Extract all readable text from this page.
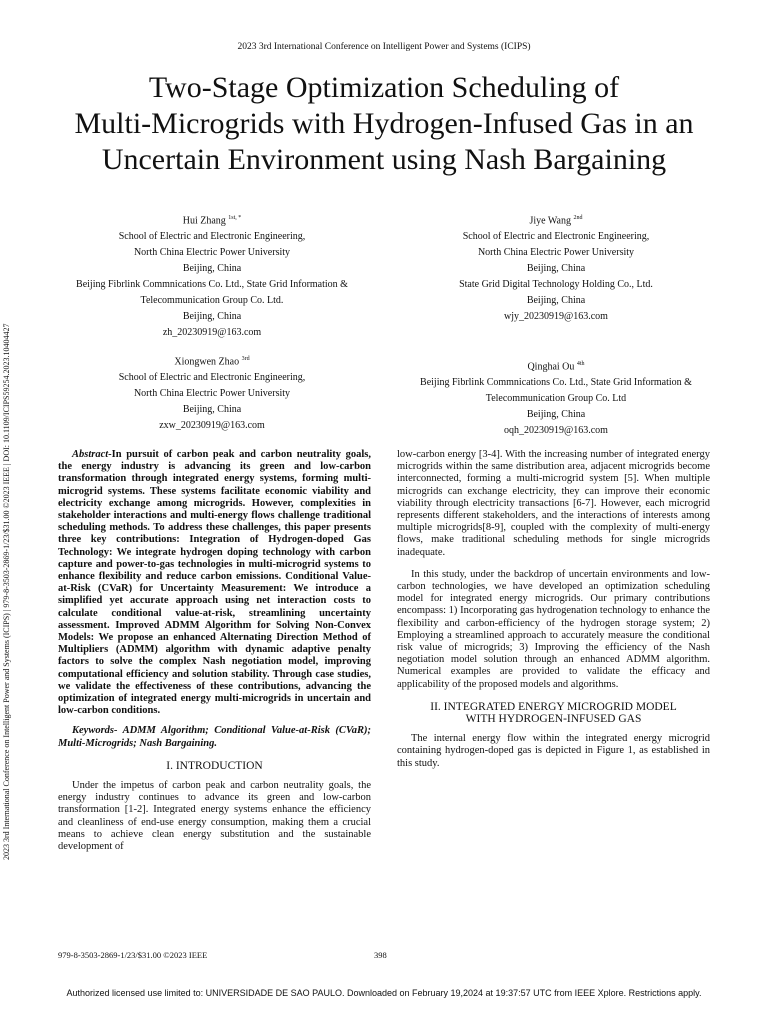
2023 3rd International Conference on Intelligent Power and Systems (ICIPS)
Two-Stage Optimization Scheduling of
Multi-Microgrids with Hydrogen-Infused Gas in an
Uncertain Environment using Nash Bargaining
2023 3rd International Conference on Intelligent Power and Systems (ICIPS) | 979-8-3503-2869-1/23/$31.00 ©2023 IEEE | DOI: 10.1109/ICIPS59254.2023.10404427
Hui Zhang $^{1st, *}$
School of Electric and Electronic Engineering,
North China Electric Power University
Beijing, China
Beijing Fibrlink Commnications Co. Ltd., State Grid Information &
Telecommunication Group Co. Ltd.
Beijing, China
zh_20230919@163.com
Jiye Wang $^{2nd}$
School of Electric and Electronic Engineering,
North China Electric Power University
Beijing, China
State Grid Digital Technology Holding Co., Ltd.
Beijing, China
wjy_20230919@163.com
Xiongwen Zhao $^{3rd}$
School of Electric and Electronic Engineering,
North China Electric Power University
Beijing, China
zxw_20230919@163.com
Qinghai Ou $^{4th}$
Beijing Fibrlink Commnications Co. Ltd., State Grid Information &
Telecommunication Group Co. Ltd
Beijing, China
oqh_20230919@163.com

Abstract-In pursuit of carbon peak and carbon neutrality goals, the energy industry is advancing its green and low-carbon transformation through integrated energy systems, forming multi-microgrid systems. These systems facilitate economic viability and electricity exchange among microgrids. However, complexities in stakeholder interactions and multi-energy flows challenge traditional scheduling methods. To address these challenges, this paper presents three key contributions: Integration of Hydrogen-doped Gas Technology: We integrate hydrogen doping technology with carbon capture and power-to-gas technologies in multi-microgrid systems to enhance flexibility and reduce carbon emissions. Conditional Value-at-Risk (CVaR) for Uncertainty Measurement: We introduce a simplified yet accurate approach using net interaction costs to calculate conditional value-at-risk, streamlining uncertainty assessment. Improved ADMM Algorithm for Solving Non-Convex Models: We propose an enhanced Alternating Direction Method of Multipliers (ADMM) algorithm with dynamic adaptive penalty factors to solve the complex Nash negotiation model, improving computational efficiency and solution stability. Through case studies, we validate the effectiveness of these contributions, advancing the optimization of integrated energy multi-microgrids in uncertain and low-carbon conditions.

Keywords- ADMM Algorithm; Conditional Value-at-Risk (CVaR); Multi-Microgrids; Nash Bargaining.

I. INTRODUCTION

Under the impetus of carbon peak and carbon neutrality goals, the energy industry continues to advance its green and low-carbon transformation [1-2]. Integrated energy systems enhance the efficiency and cleanliness of end-use energy consumption, making them a crucial means to achieve clean energy substitution and the sustainable development of

low-carbon energy [3-4]. With the increasing number of integrated energy microgrids within the same distribution area, adjacent microgrids become interconnected, forming a multi-microgrid system [5]. When multiple microgrids can exchange electricity, they can improve their economic viability through electricity transactions [6-7]. However, each microgrid represents different stakeholders, and the interactions of interests among multiple microgrids[8-9], coupled with the complexity of multi-energy flows, make traditional scheduling methods for single microgrids inadequate.

In this study, under the backdrop of uncertain environments and low-carbon technologies, we have developed an optimization scheduling model for integrated energy microgrids. Our primary contributions encompass: 1) Incorporating gas hydrogenation technology to enhance the flexibility and carbon-efficiency of the hydrogen storage system; 2) Employing a streamlined approach to accurately measure the conditional risk value of microgrids; 3) Improving the efficiency of the Nash negotiation model solution through an enhanced ADMM algorithm. Numerical examples are provided to validate the efficacy and applicability of the proposed models and algorithms.

II. INTEGRATED ENERGY MICROGRID MODEL
WITH HYDROGEN-INFUSED GAS

The internal energy flow within the integrated energy microgrid containing hydrogen-doped gas is depicted in Figure 1, as established in this study.

979-8-3503-2869-1/23/$31.00 ©2023 IEEE	398
Authorized licensed use limited to: UNIVERSIDADE DE SAO PAULO. Downloaded on February 19,2024 at 19:37:57 UTC from IEEE Xplore. Restrictions apply.
